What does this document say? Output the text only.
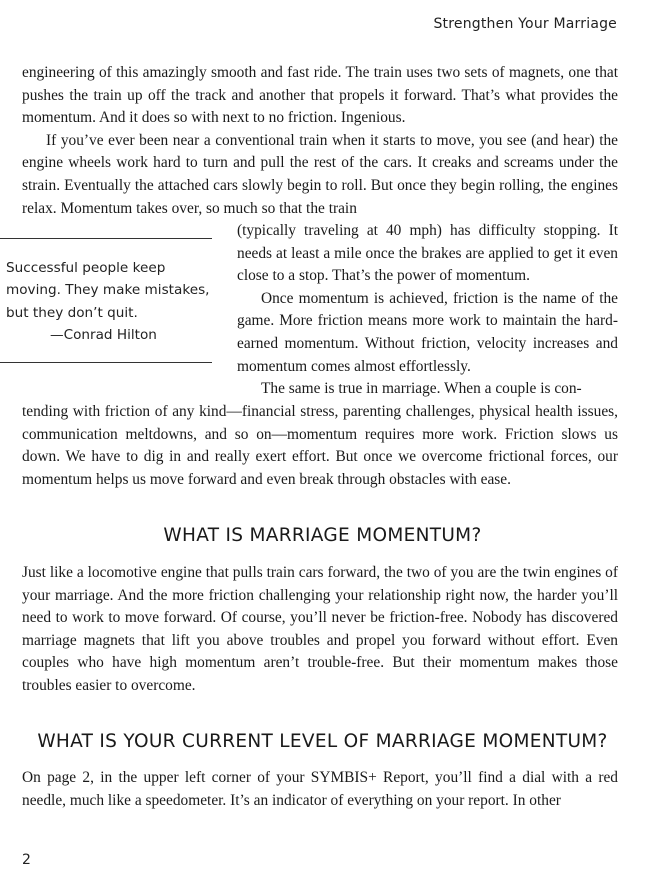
Strengthen Your Marriage

engineering of this amazingly smooth and fast ride. The train uses two sets of magnets, one that pushes the train up off the track and another that propels it forward. That’s what provides the momentum. And it does so with next to no friction. Ingenious.

If you’ve ever been near a conventional train when it starts to move, you see (and hear) the engine wheels work hard to turn and pull the rest of the cars. It creaks and screams under the strain. Eventually the attached cars slowly begin to roll. But once they begin rolling, the engines relax. Momentum takes over, so much so that the train

Successful people keep
moving. They make mistakes,
but they don’t quit.
—Conrad Hilton

(typically traveling at 40 mph) has difficulty stopping. It needs at least a mile once the brakes are applied to get it even close to a stop. That’s the power of momentum.

Once momentum is achieved, friction is the name of the game. More friction means more work to maintain the hard-earned momentum. Without friction, velocity increases and momentum comes almost effortlessly.

The same is true in marriage. When a couple is con-

tending with friction of any kind—financial stress, parenting challenges, physical health issues, communication meltdowns, and so on—momentum requires more work. Friction slows us down. We have to dig in and really exert effort. But once we overcome frictional forces, our momentum helps us move forward and even break through obstacles with ease.

WHAT IS MARRIAGE MOMENTUM?

Just like a locomotive engine that pulls train cars forward, the two of you are the twin engines of your marriage. And the more friction challenging your relationship right now, the harder you’ll need to work to move forward. Of course, you’ll never be friction-free. Nobody has discovered marriage magnets that lift you above troubles and propel you forward without effort. Even couples who have high momentum aren’t trouble-free. But their momentum makes those troubles easier to overcome.

WHAT IS YOUR CURRENT LEVEL OF MARRIAGE MOMENTUM?

On page 2, in the upper left corner of your SYMBIS+ Report, you’ll find a dial with a red needle, much like a speedometer. It’s an indicator of everything on your report. In other

2
